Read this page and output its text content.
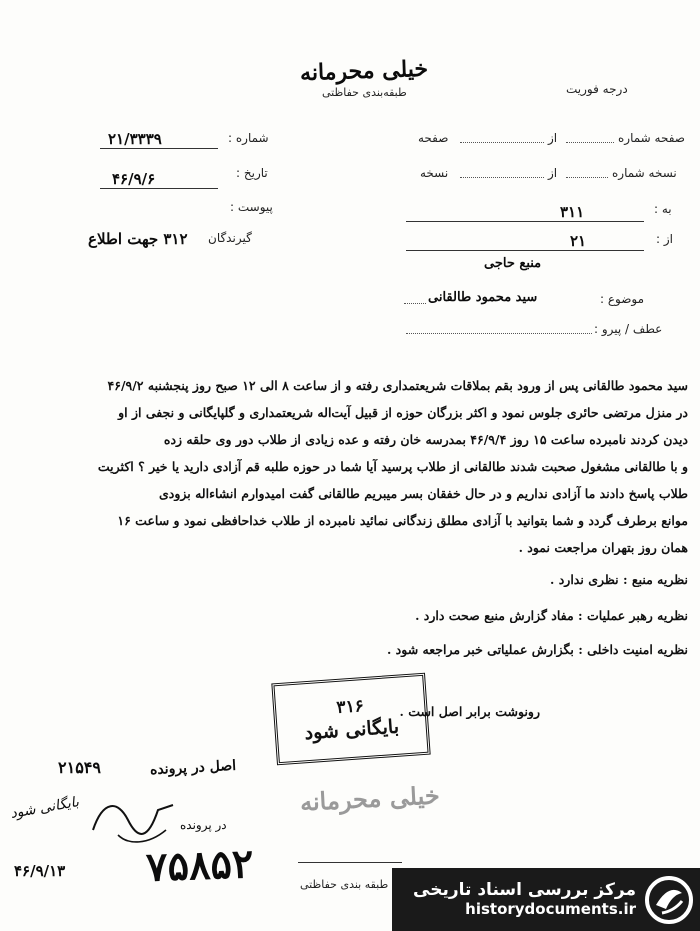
خیلی محرمانه
طبقه‌بندی حفاظتی	درجه فوریت
شماره :
۲۱/۳۳۳۹
تاریخ :
۴۶/۹/۶
پیوست :
گیرندگان
۳۱۲ جهت اطلاع
صفحه شماره
از
صفحه
نسخه شماره
از
نسخه
به :
۳۱۱
از :
۲۱
منبع حاجی
موضوع :
سید محمود طالقانی
عطف / پیرو :
سید محمود طالقانی پس از ورود بقم بملاقات شریعتمداری رفته و از ساعت ۸ الی ۱۲ صبح روز پنجشنبه ۴۶/۹/۲
در منزل مرتضی حائری جلوس نمود و اکثر بزرگان حوزه از قبیل آیت‌اله شریعتمداری و گلپایگانی و نجفی از او
دیدن کردند نامبرده ساعت ۱۵ روز ۴۶/۹/۴ بمدرسه خان رفته و عده زیادی از طلاب دور وی حلقه زده
و با طالقانی مشغول صحبت شدند طالقانی از طلاب پرسید آیا شما در حوزه طلبه قم آزادی دارید یا خیر ؟ اکثریت
طلاب پاسخ دادند ما آزادی نداریم و در حال خفقان بسر میبریم طالقانی گفت امیدوارم انشاءاله بزودی
موانع برطرف گردد و شما بتوانید با آزادی مطلق زندگانی نمائید نامبرده از طلاب خداحافظی نمود و ساعت ۱۶
همان روز بتهران مراجعت نمود .
نظریه منبع : نظری ندارد .
نظریه رهبر عملیات : مفاد گزارش منبع صحت دارد .
نظریه امنیت داخلی : بگزارش عملیاتی خبر مراجعه شود .
رونوشت برابر اصل است .
۳۱۶
بایگانی شود
اصل در پرونده
۲۱۵۴۹
در پرونده
بایگانی شود
۴۶/۹/۱۳ ۷۵۸۵۲
خیلی محرمانه
طبقه بندی حفاظتی مرکز بررسی اسناد تاریخی
historydocuments.ir
